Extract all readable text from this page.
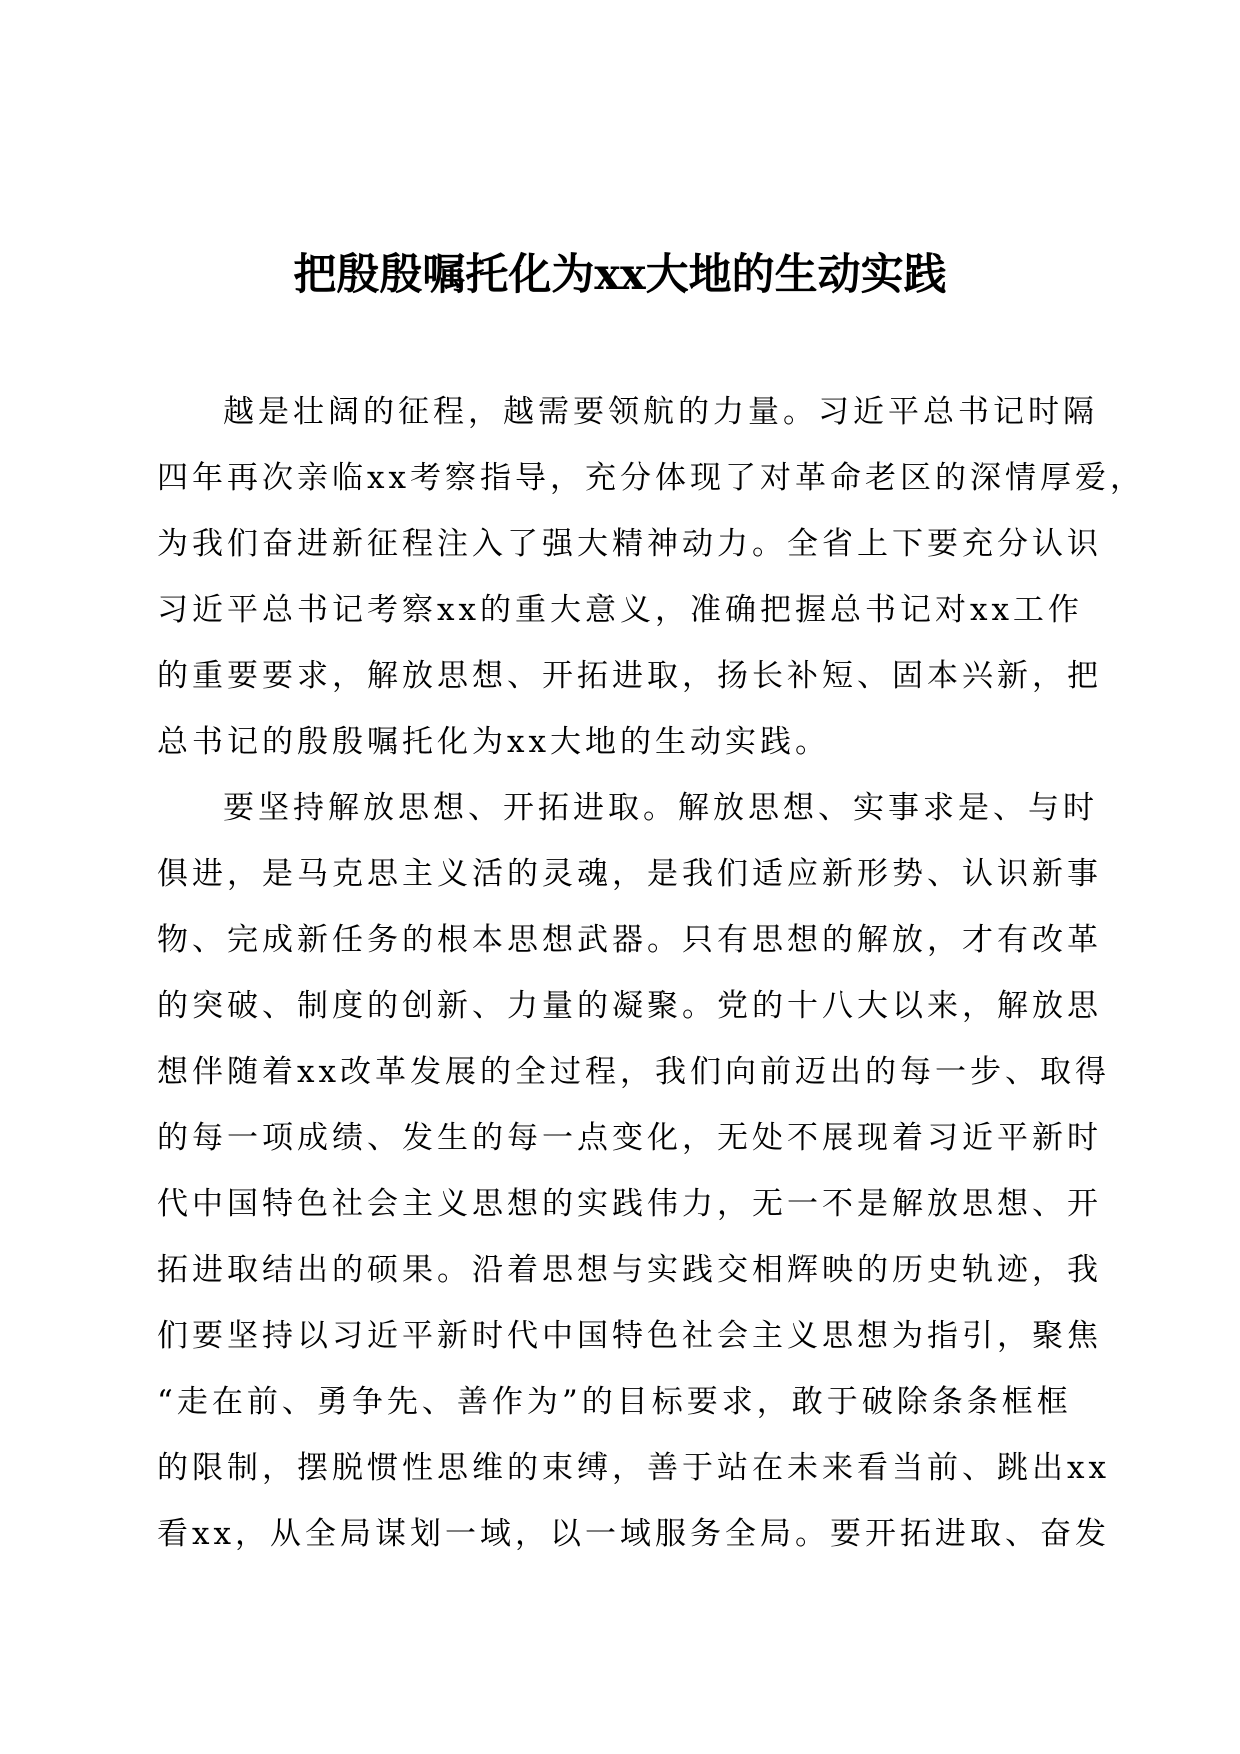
把殷殷嘱托化为xx大地的生动实践
越是壮阔的征程，越需要领航的力量。习近平总书记时隔
四年再次亲临xx考察指导，充分体现了对革命老区的深情厚爱，
为我们奋进新征程注入了强大精神动力。全省上下要充分认识
习近平总书记考察xx的重大意义，准确把握总书记对xx工作
的重要要求，解放思想、开拓进取，扬长补短、固本兴新，把
总书记的殷殷嘱托化为xx大地的生动实践。
要坚持解放思想、开拓进取。解放思想、实事求是、与时
俱进，是马克思主义活的灵魂，是我们适应新形势、认识新事
物、完成新任务的根本思想武器。只有思想的解放，才有改革
的突破、制度的创新、力量的凝聚。党的十八大以来，解放思
想伴随着xx改革发展的全过程，我们向前迈出的每一步、取得
的每一项成绩、发生的每一点变化，无处不展现着习近平新时
代中国特色社会主义思想的实践伟力，无一不是解放思想、开
拓进取结出的硕果。沿着思想与实践交相辉映的历史轨迹，我
们要坚持以习近平新时代中国特色社会主义思想为指引，聚焦
“走在前、勇争先、善作为”的目标要求，敢于破除条条框框
的限制，摆脱惯性思维的束缚，善于站在未来看当前、跳出xx
看xx，从全局谋划一域，以一域服务全局。要开拓进取、奋发
